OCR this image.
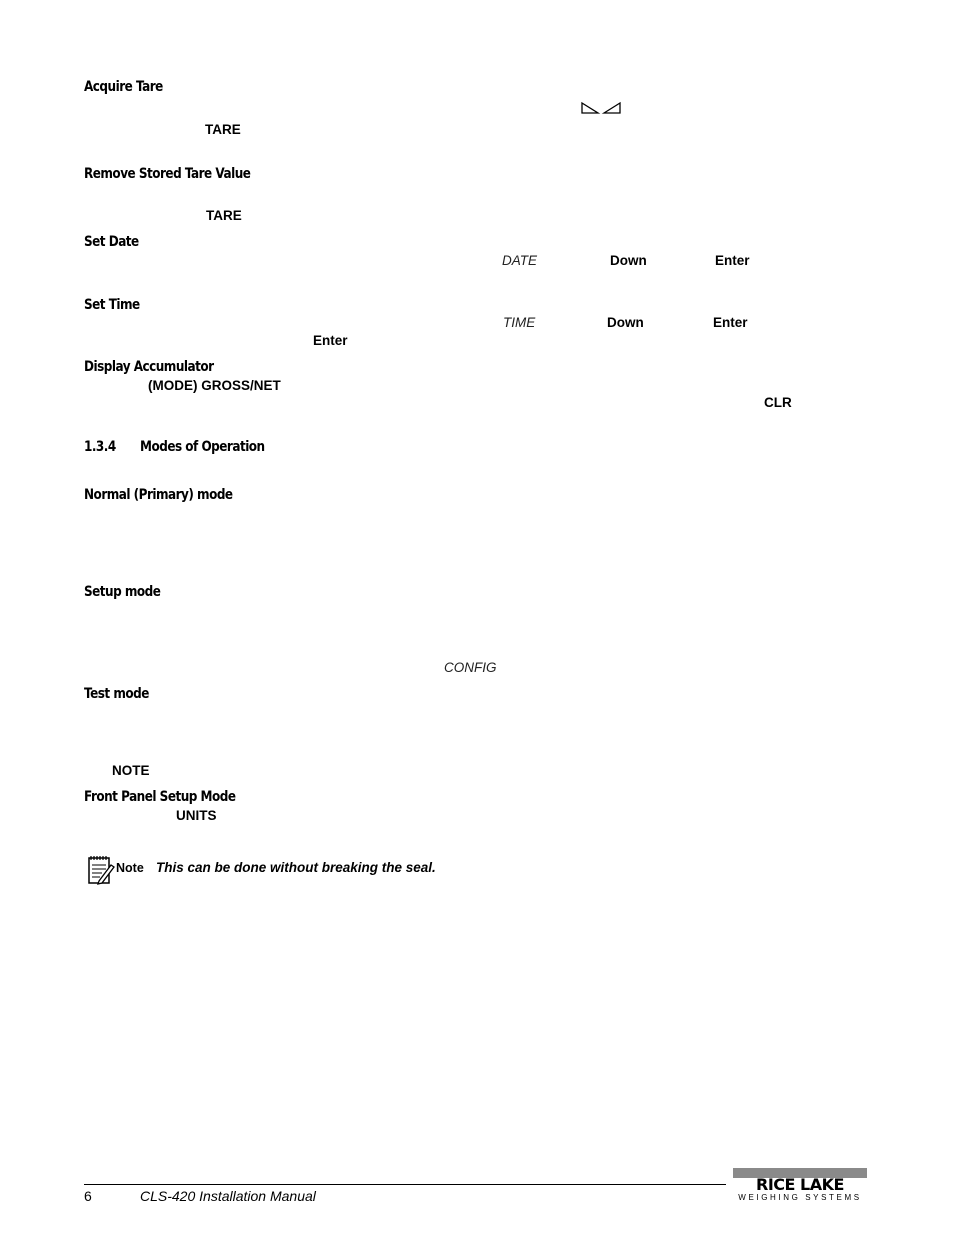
Acquire Tare
Remove Stored Tare Value
Set Date
Set Time
Display Accumulator
1.3.4 Modes of Operation
Normal (Primary) mode
Setup mode
Test mode
Front Panel Setup Mode
TARE
TARE
DATE	Down	Enter
TIME	Down	Enter
Enter
(MODE) GROSS/NET
CLR
CONFIG
NOTE
UNITS
Note This can be done without breaking the seal.
6	CLS-420 Installation Manual
RICE LAKE
WEIGHING SYSTEMS
